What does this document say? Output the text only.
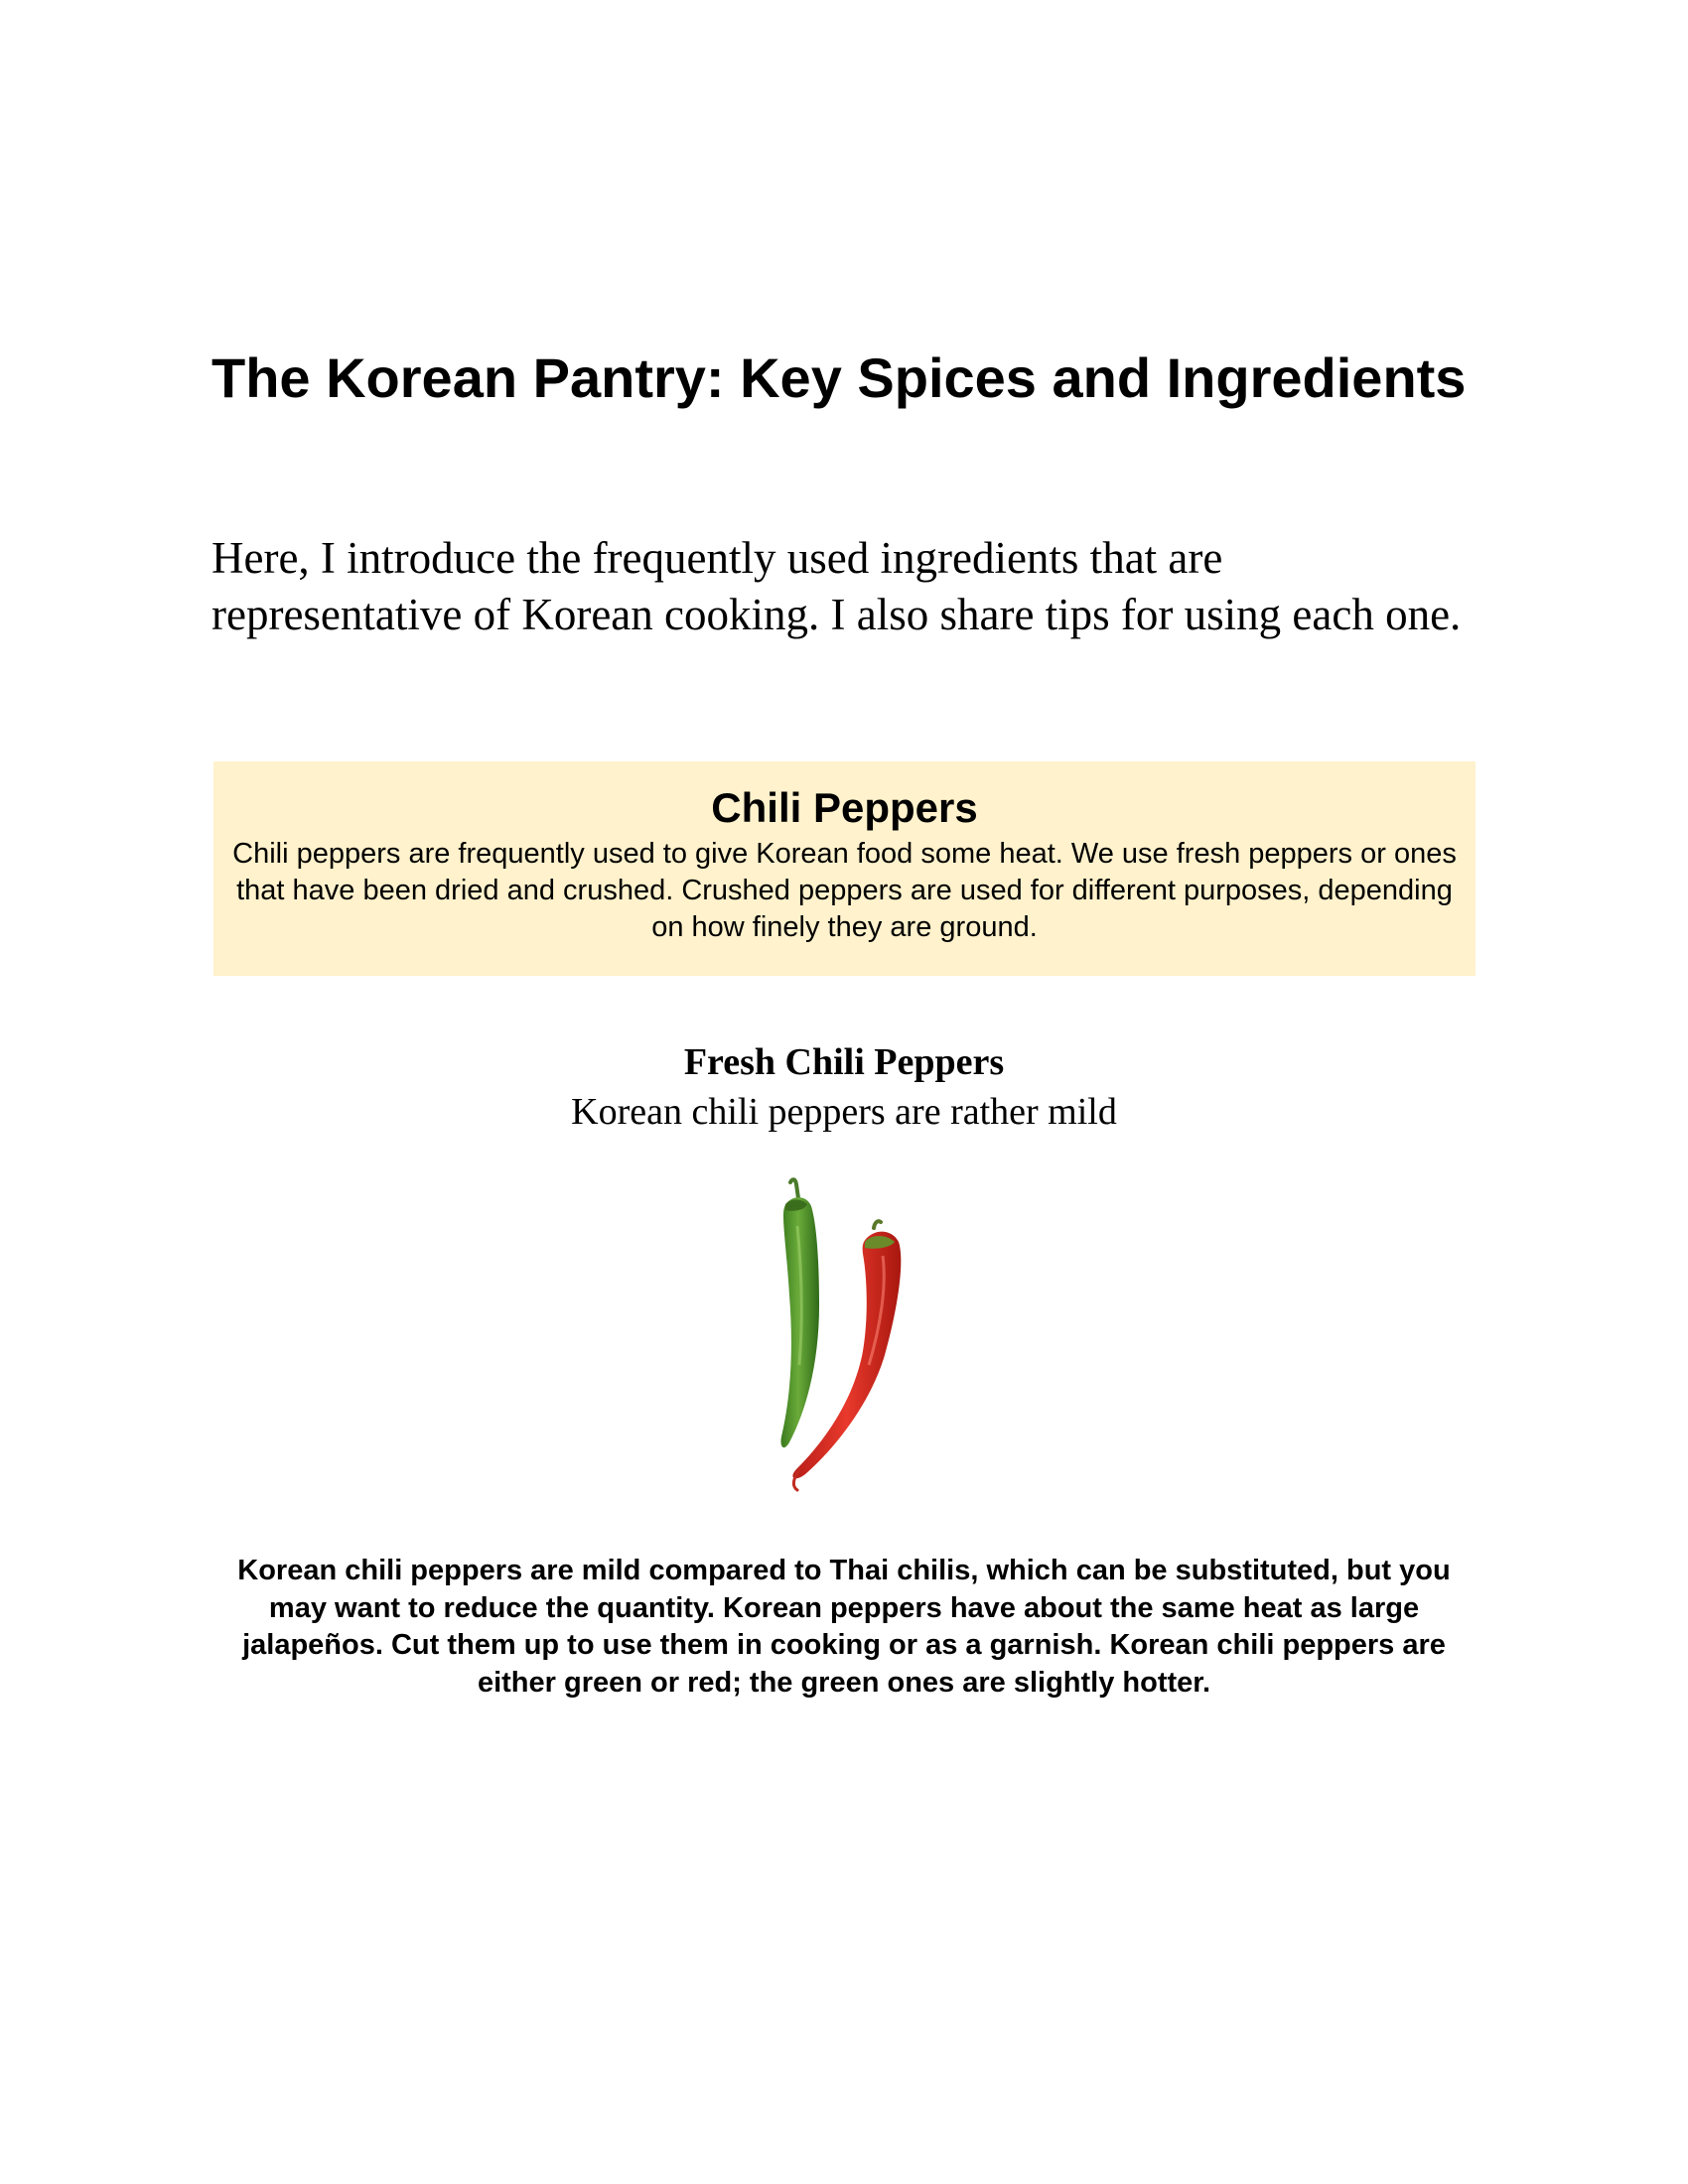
The Korean Pantry: Key Spices and Ingredients

Here, I introduce the frequently used ingredients that are representative of Korean cooking. I also share tips for using each one.

Chili Peppers

Chili peppers are frequently used to give Korean food some heat. We use fresh peppers or ones that have been dried and crushed. Crushed peppers are used for different purposes, depending on how finely they are ground.

Fresh Chili Peppers

Korean chili peppers are rather mild

Korean chili peppers are mild compared to Thai chilis, which can be substituted, but you may want to reduce the quantity. Korean peppers have about the same heat as large jalapeños. Cut them up to use them in cooking or as a garnish. Korean chili peppers are either green or red; the green ones are slightly hotter.
